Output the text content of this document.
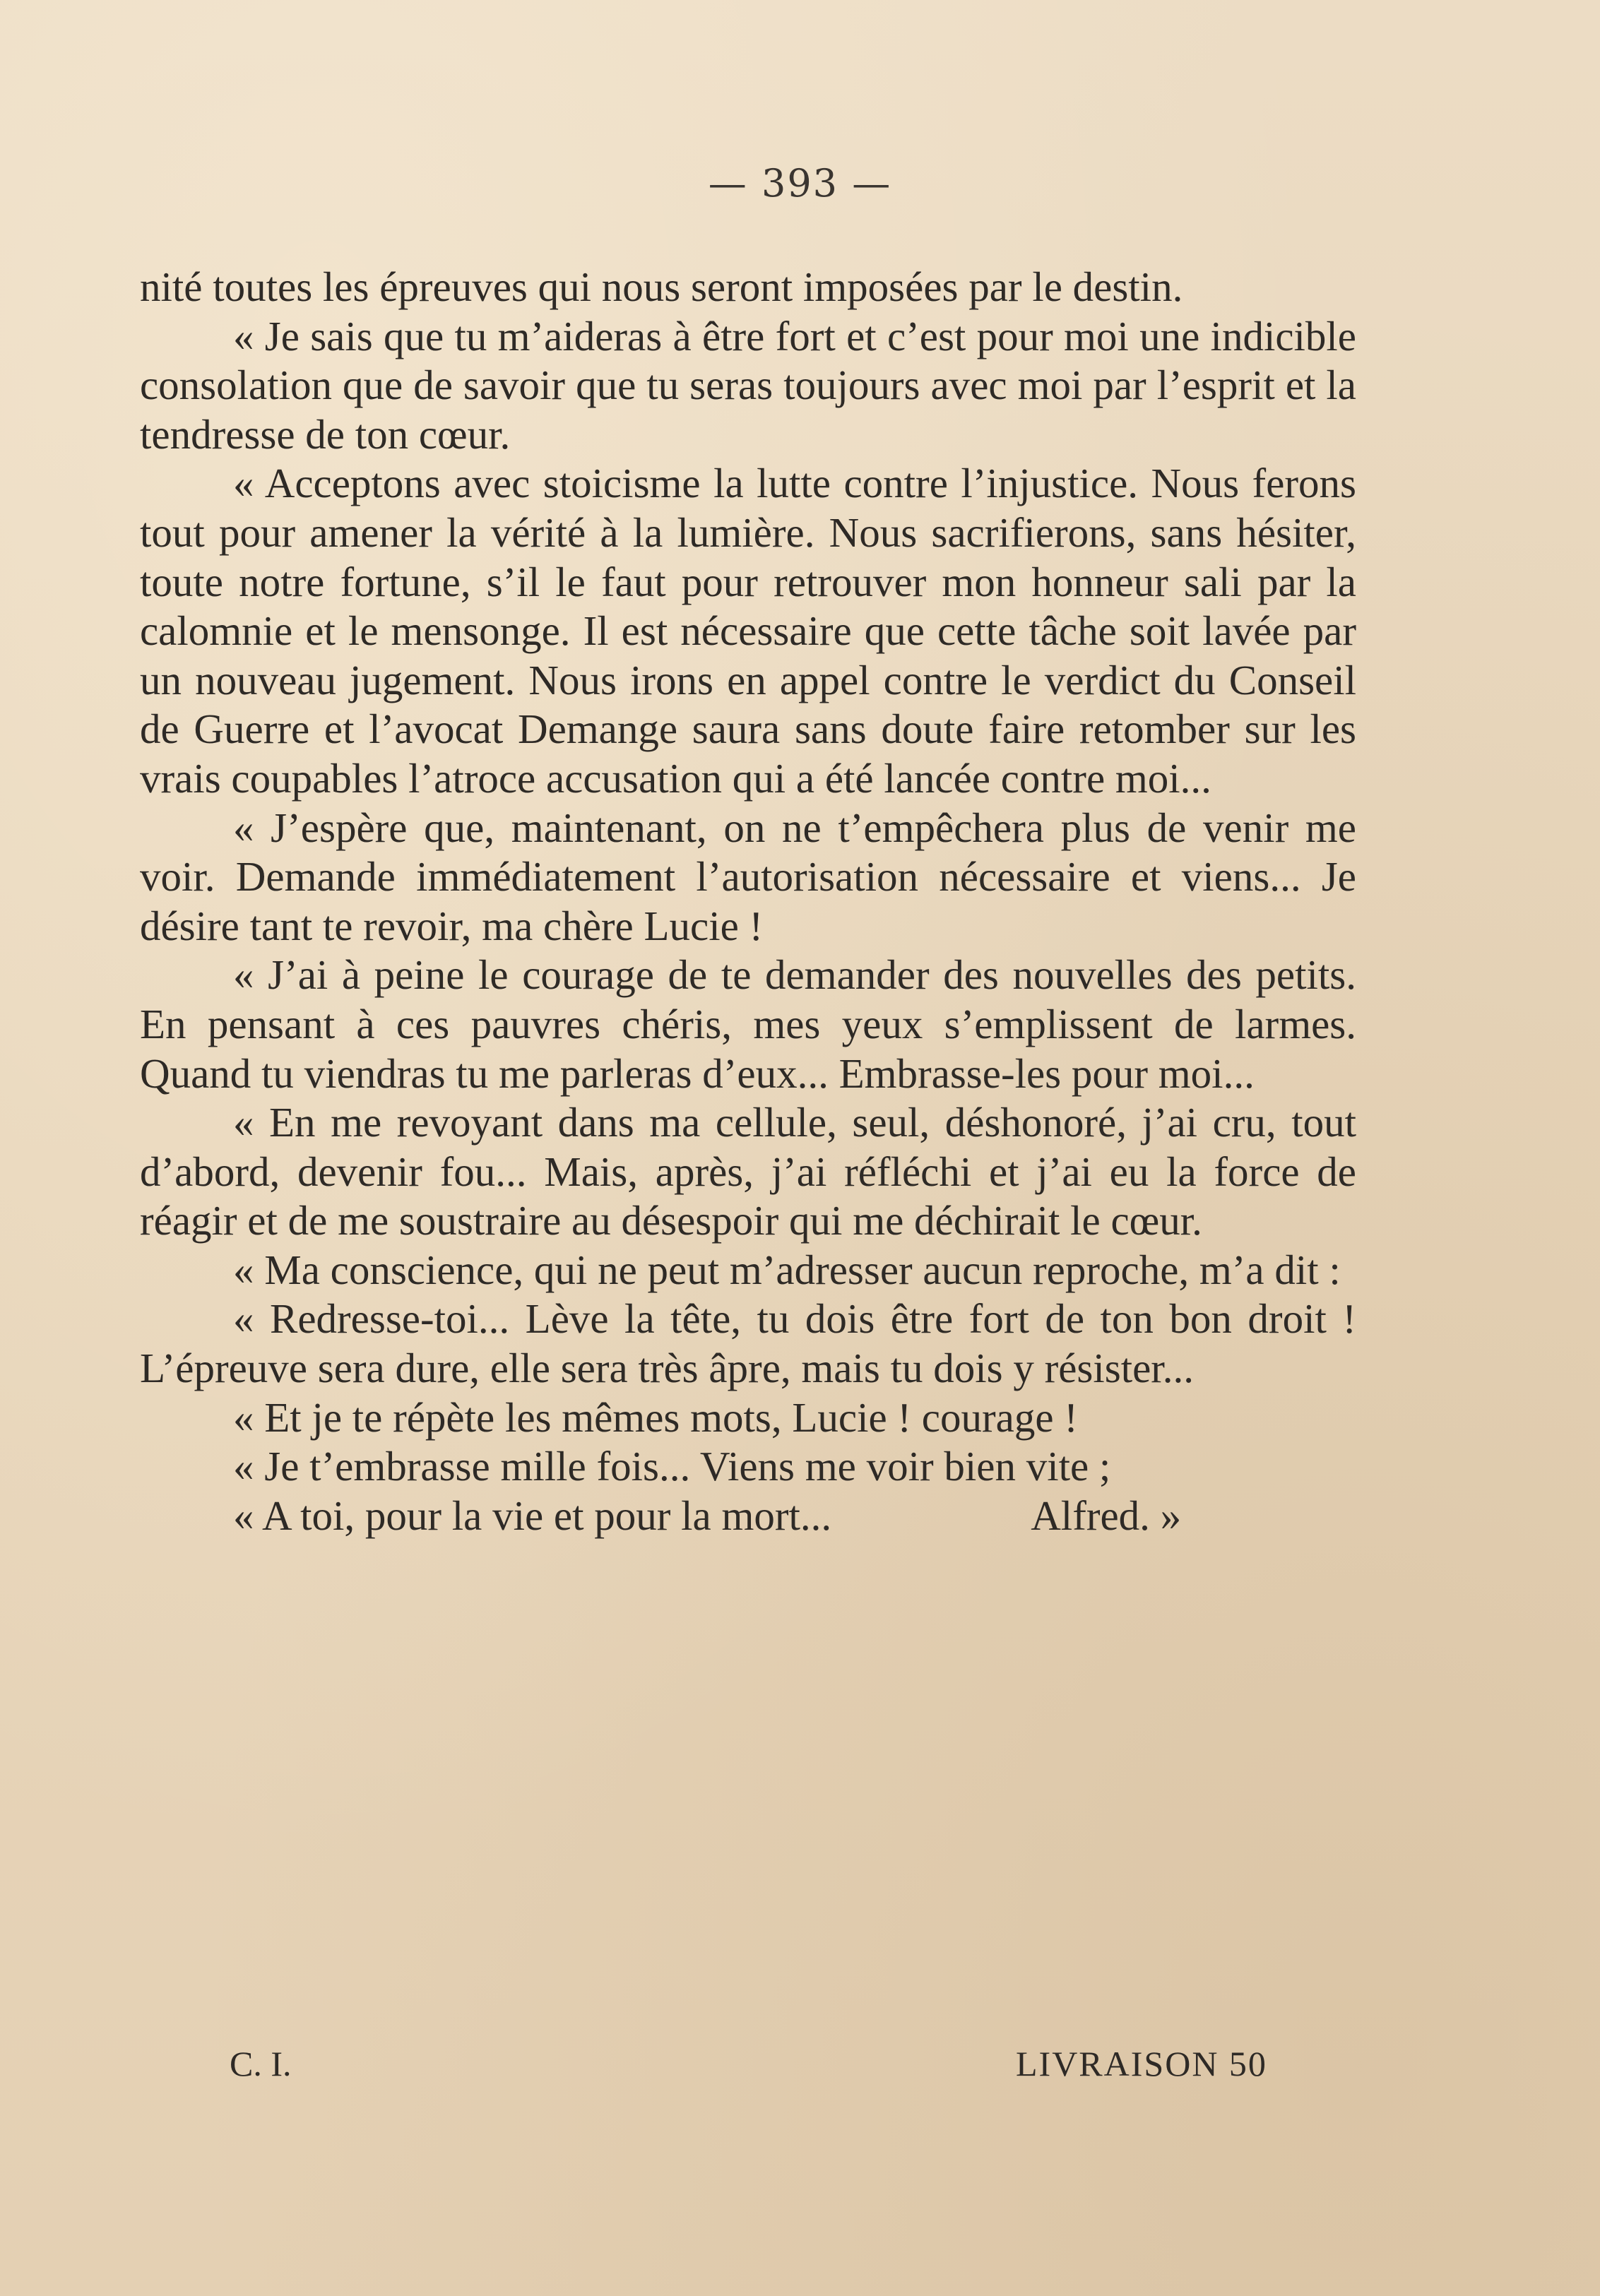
— 393 —

nité toutes les épreuves qui nous seront imposées par le destin.

« Je sais que tu m’aideras à être fort et c’est pour moi une indicible consolation que de savoir que tu seras toujours avec moi par l’esprit et la tendresse de ton cœur.

« Acceptons avec stoicisme la lutte contre l’injustice. Nous ferons tout pour amener la vérité à la lumière. Nous sacrifierons, sans hésiter, toute notre fortune, s’il le faut pour retrouver mon honneur sali par la calomnie et le mensonge. Il est nécessaire que cette tâche soit lavée par un nouveau jugement. Nous irons en appel contre le verdict du Conseil de Guerre et l’avocat Demange saura sans doute faire retomber sur les vrais coupables l’atroce accusation qui a été lancée contre moi...

« J’espère que, maintenant, on ne t’empêchera plus de venir me voir. Demande immédiatement l’autorisation nécessaire et viens... Je désire tant te revoir, ma chère Lucie !

« J’ai à peine le courage de te demander des nouvelles des petits. En pensant à ces pauvres chéris, mes yeux s’emplissent de larmes. Quand tu viendras tu me parleras d’eux... Embrasse-les pour moi...

« En me revoyant dans ma cellule, seul, déshonoré, j’ai cru, tout d’abord, devenir fou... Mais, après, j’ai réfléchi et j’ai eu la force de réagir et de me soustraire au désespoir qui me déchirait le cœur.

« Ma conscience, qui ne peut m’adresser aucun reproche, m’a dit :

« Redresse-toi... Lève la tête, tu dois être fort de ton bon droit ! L’épreuve sera dure, elle sera très âpre, mais tu dois y résister...

« Et je te répète les mêmes mots, Lucie ! courage !

« Je t’embrasse mille fois... Viens me voir bien vite ;

« A toi, pour la vie et pour la mort...	Alfred. »

C. I.	LIVRAISON 50
